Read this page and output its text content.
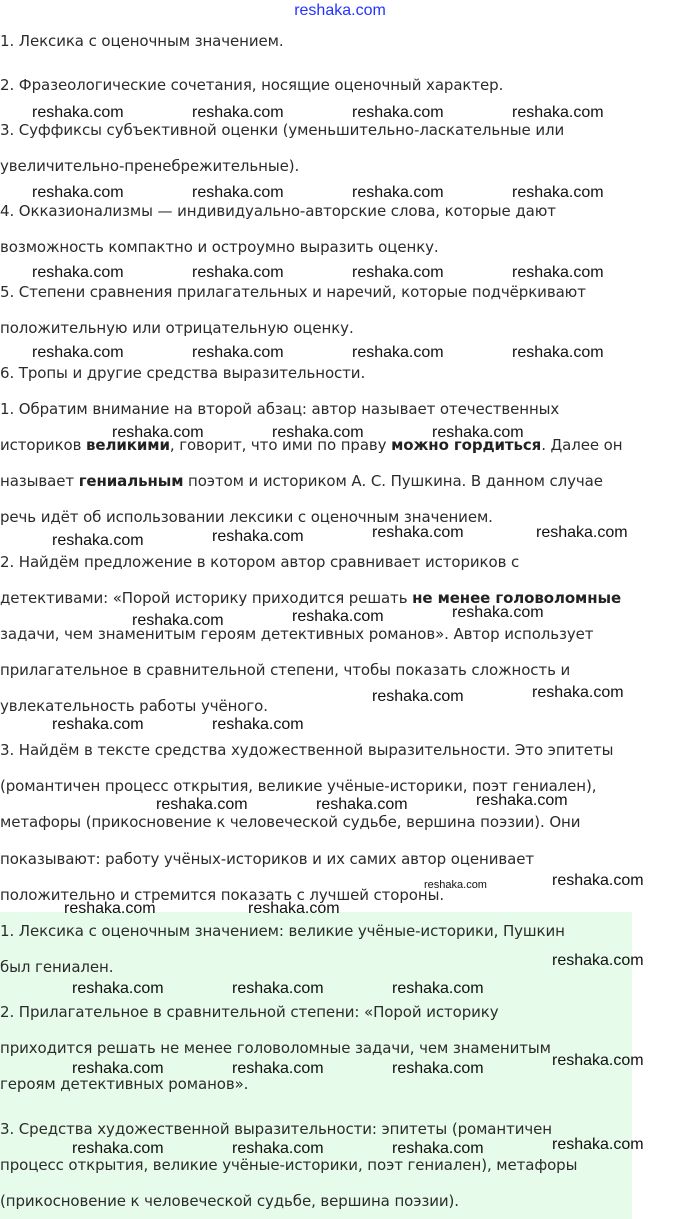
reshaka.com
1. Лексика с оценочным значением.
2. Фразеологические сочетания, носящие оценочный характер.
3. Суффиксы субъективной оценки (уменьшительно-ласкательные или
увеличительно-пренебрежительные).
4. Окказионализмы — индивидуально-авторские слова, которые дают
возможность компактно и остроумно выразить оценку.
5. Степени сравнения прилагательных и наречий, которые подчёркивают
положительную или отрицательную оценку.
6. Тропы и другие средства выразительности.
1. Обратим внимание на второй абзац: автор называет отечественных
историков великими, говорит, что ими по праву можно гордиться. Далее он
называет гениальным поэтом и историком А. С. Пушкина. В данном случае
речь идёт об использовании лексики с оценочным значением.
2. Найдём предложение в котором автор сравнивает историков с
детективами: «Порой историку приходится решать не менее головоломные
задачи, чем знаменитым героям детективных романов». Автор использует
прилагательное в сравнительной степени, чтобы показать сложность и
увлекательность работы учёного.
3. Найдём в тексте средства художественной выразительности. Это эпитеты
(романтичен процесс открытия, великие учёные-историки, поэт гениален),
метафоры (прикосновение к человеческой судьбе, вершина поэзии). Они
показывают: работу учёных-историков и их самих автор оценивает
положительно и стремится показать с лучшей стороны.
1. Лексика с оценочным значением: великие учёные-историки, Пушкин
был гениален.
2. Прилагательное в сравнительной степени: «Порой историку
приходится решать не менее головоломные задачи, чем знаменитым
героям детективных романов».
3. Средства художественной выразительности: эпитеты (романтичен
процесс открытия, великие учёные-историки, поэт гениален), метафоры
(прикосновение к человеческой судьбе, вершина поэзии).
reshaka.com	reshaka.com	reshaka.com	reshaka.com
reshaka.com	reshaka.com	reshaka.com	reshaka.com
reshaka.com	reshaka.com	reshaka.com	reshaka.com
reshaka.com	reshaka.com	reshaka.com	reshaka.com
reshaka.com	reshaka.com	reshaka.com
reshaka.com	reshaka.com	reshaka.com	reshaka.com
reshaka.com	reshaka.com	reshaka.com
reshaka.com	reshaka.com
reshaka.com	reshaka.com
reshaka.com	reshaka.com	reshaka.com
reshaka.com	reshaka.com
reshaka.com	reshaka.com
reshaka.com
reshaka.com	reshaka.com	reshaka.com
reshaka.com
reshaka.com	reshaka.com	reshaka.com
reshaka.com
reshaka.com	reshaka.com	reshaka.com
